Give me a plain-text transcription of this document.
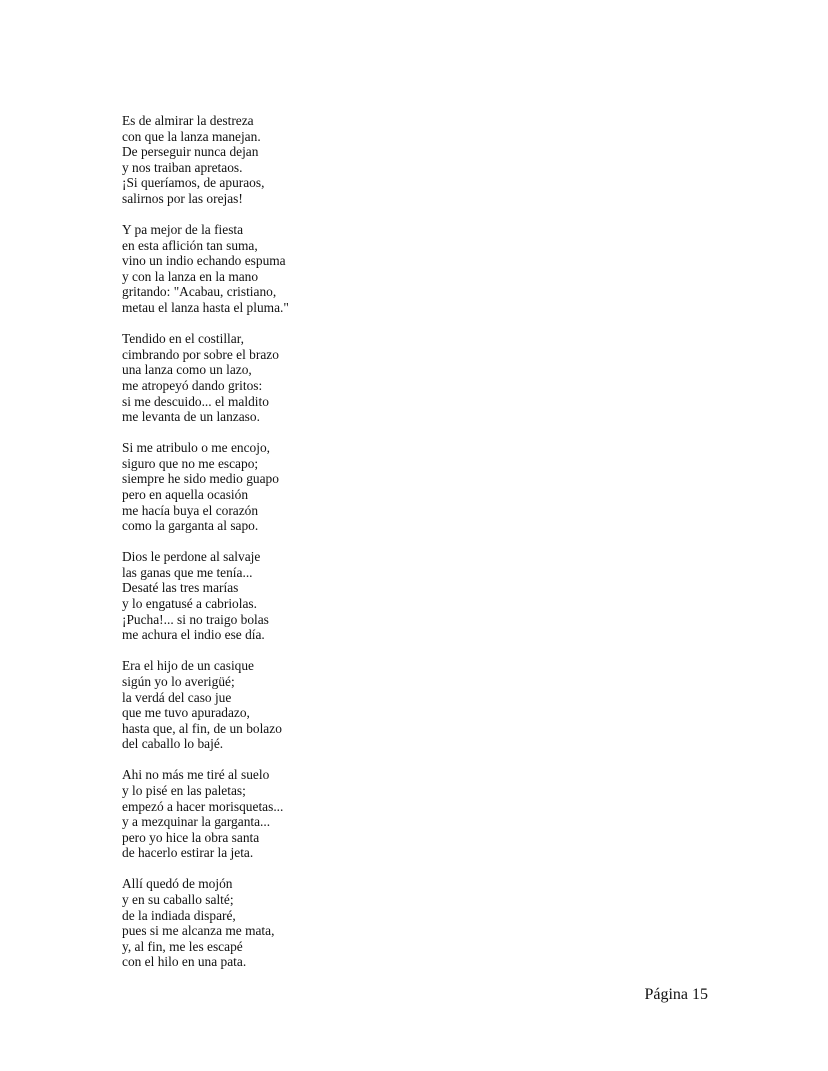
Es de almirar la destreza
con que la lanza manejan.
De perseguir nunca dejan
y nos traiban apretaos.
¡Si queríamos, de apuraos,
salirnos por las orejas!
Y pa mejor de la fiesta
en esta aflición tan suma,
vino un indio echando espuma
y con la lanza en la mano
gritando: "Acabau, cristiano,
metau el lanza hasta el pluma."
Tendido en el costillar,
cimbrando por sobre el brazo
una lanza como un lazo,
me atropeyó dando gritos:
si me descuido... el maldito
me levanta de un lanzaso.
Si me atribulo o me encojo,
siguro que no me escapo;
siempre he sido medio guapo
pero en aquella ocasión
me hacía buya el corazón
como la garganta al sapo.
Dios le perdone al salvaje
las ganas que me tenía...
Desaté las tres marías
y lo engatusé a cabriolas.
¡Pucha!... si no traigo bolas
me achura el indio ese día.
Era el hijo de un casique
sigún yo lo averigüé;
la verdá del caso jue
que me tuvo apuradazo,
hasta que, al fin, de un bolazo
del caballo lo bajé.
Ahi no más me tiré al suelo
y lo pisé en las paletas;
empezó a hacer morisquetas...
y a mezquinar la garganta...
pero yo hice la obra santa
de hacerlo estirar la jeta.
Allí quedó de mojón
y en su caballo salté;
de la indiada disparé,
pues si me alcanza me mata,
y, al fin, me les escapé
con el hilo en una pata.
Página 15
